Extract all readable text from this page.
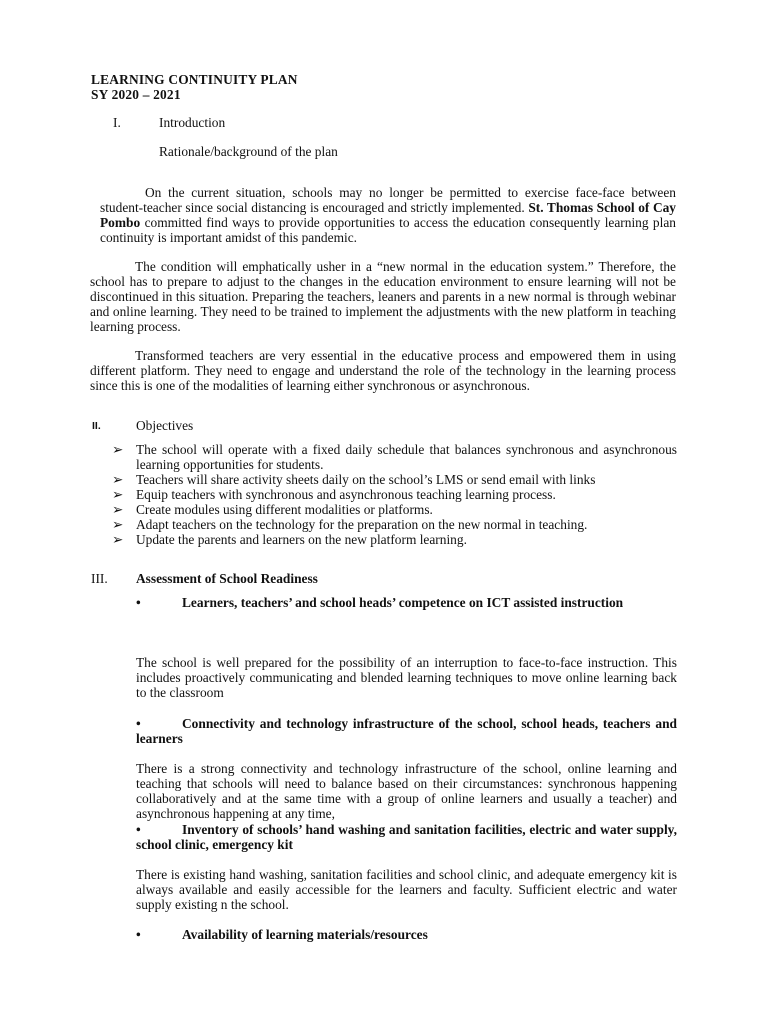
LEARNING CONTINUITY PLAN
SY 2020 – 2021
I.	Introduction
Rationale/background of the plan
On the current situation, schools may no longer be permitted to exercise face-face between student-teacher since social distancing is encouraged and strictly implemented. St. Thomas School of Cay Pombo committed find ways to provide opportunities to access the education consequently learning plan continuity is important amidst of this pandemic.
The condition will emphatically usher in a “new normal in the education system.” Therefore, the school has to prepare to adjust to the changes in the education environment to ensure learning will not be discontinued in this situation. Preparing the teachers, leaners and parents in a new normal is through webinar and online learning. They need to be trained to implement the adjustments with the new platform in teaching learning process.
Transformed teachers are very essential in the educative process and empowered them in using different platform. They need to engage and understand the role of the technology in the learning process since this is one of the modalities of learning either synchronous or asynchronous.
II.	Objectives
➢ The school will operate with a fixed daily schedule that balances synchronous and asynchronous learning opportunities for students.
➢ Teachers will share activity sheets daily on the school’s LMS or send email with links
➢ Equip teachers with synchronous and asynchronous teaching learning process.
➢ Create modules using different modalities or platforms.
➢ Adapt teachers on the technology for the preparation on the new normal in teaching.
➢ Update the parents and learners on the new platform learning.
III. Assessment of School Readiness
•	Learners, teachers’ and school heads’ competence on ICT assisted instruction
The school is well prepared for the possibility of an interruption to face-to-face instruction. This includes proactively communicating and blended learning techniques to move online learning back to the classroom
•	Connectivity and technology infrastructure of the school, school heads, teachers and learners
There is a strong connectivity and technology infrastructure of the school, online learning and teaching that schools will need to balance based on their circumstances: synchronous happening collaboratively and at the same time with a group of online learners and usually a teacher) and asynchronous happening at any time,
•	Inventory of schools’ hand washing and sanitation facilities, electric and water supply, school clinic, emergency kit
There is existing hand washing, sanitation facilities and school clinic, and adequate emergency kit is always available and easily accessible for the learners and faculty. Sufficient electric and water supply existing n the school.
•	Availability of learning materials/resources
